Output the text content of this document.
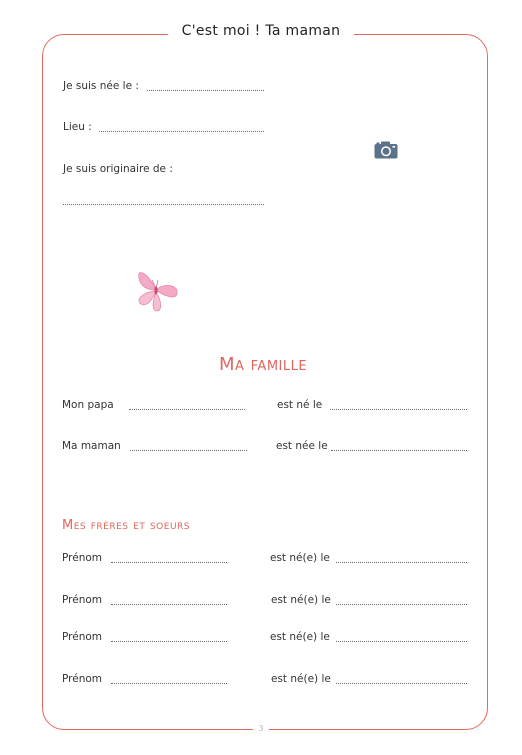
C'est moi ! Ta maman
Je suis née le :
Lieu :
Je suis originaire de :
Ma famille
Mon papa	est né le
Ma maman	est née le
Mes frères et soeurs
Prénom	est né(e) le
Prénom	est né(e) le
Prénom	est né(e) le
Prénom	est né(e) le
3
